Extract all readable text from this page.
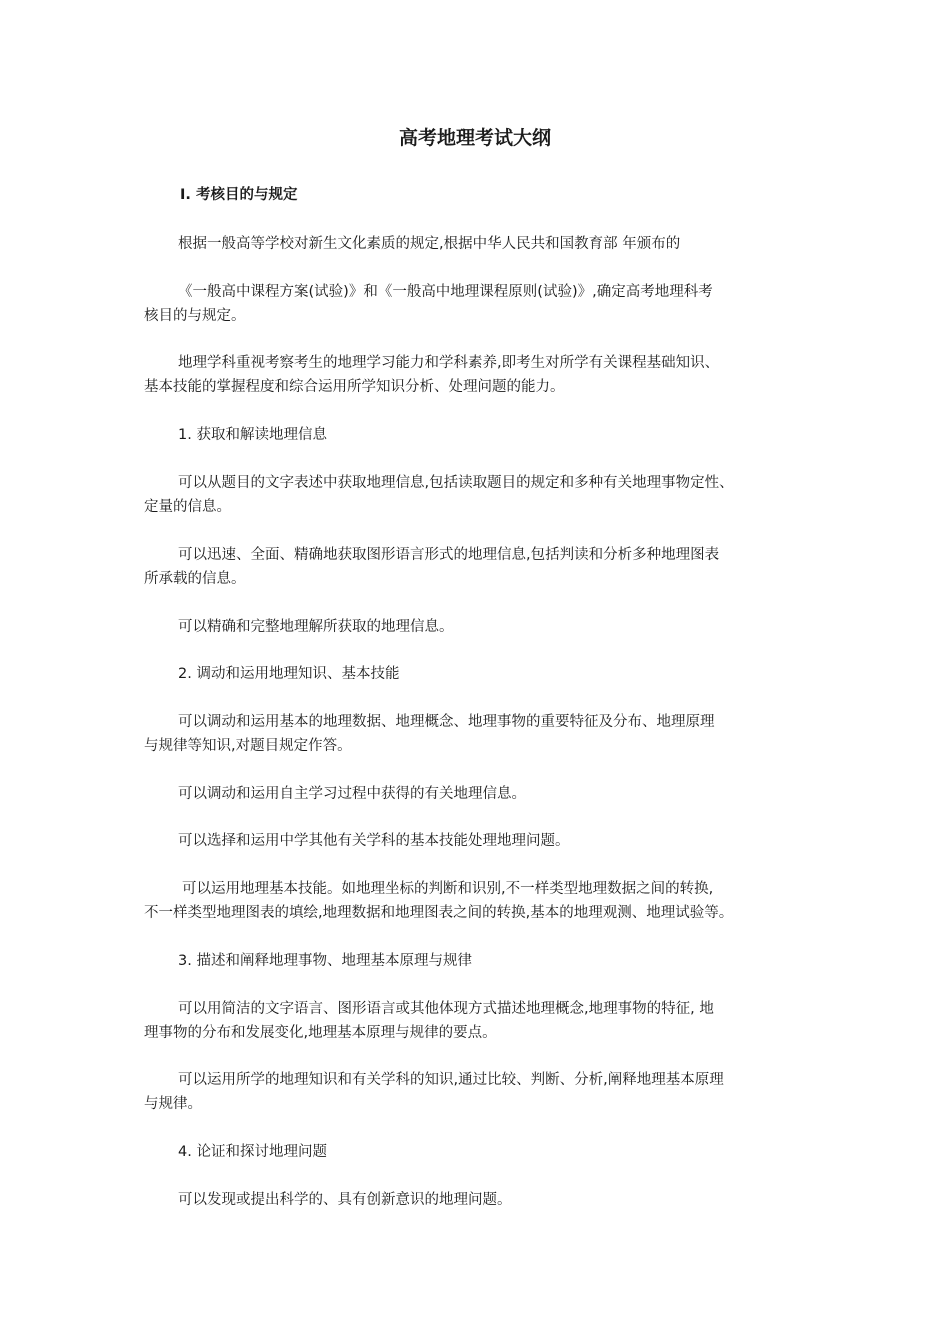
高考地理考试大纲
Ⅰ. 考核目的与规定
根据一般高等学校对新生文化素质的规定,根据中华人民共和国教育部 年颁布的
《一般高中课程方案(试验)》和《一般高中地理课程原则(试验)》,确定高考地理科考
核目的与规定。
地理学科重视考察考生的地理学习能力和学科素养,即考生对所学有关课程基础知识、
基本技能的掌握程度和综合运用所学知识分析、处理问题的能力。
1. 获取和解读地理信息
可以从题目的文字表述中获取地理信息,包括读取题目的规定和多种有关地理事物定性、
定量的信息。
可以迅速、全面、精确地获取图形语言形式的地理信息,包括判读和分析多种地理图表
所承载的信息。
可以精确和完整地理解所获取的地理信息。
2. 调动和运用地理知识、基本技能
可以调动和运用基本的地理数据、地理概念、地理事物的重要特征及分布、地理原理
与规律等知识,对题目规定作答。
可以调动和运用自主学习过程中获得的有关地理信息。
可以选择和运用中学其他有关学科的基本技能处理地理问题。
可以运用地理基本技能。如地理坐标的判断和识别,不一样类型地理数据之间的转换,
不一样类型地理图表的填绘,地理数据和地理图表之间的转换,基本的地理观测、地理试验等。
3. 描述和阐释地理事物、地理基本原理与规律
可以用简洁的文字语言、图形语言或其他体现方式描述地理概念,地理事物的特征, 地
理事物的分布和发展变化,地理基本原理与规律的要点。
可以运用所学的地理知识和有关学科的知识,通过比较、判断、分析,阐释地理基本原理
与规律。
4. 论证和探讨地理问题
可以发现或提出科学的、具有创新意识的地理问题。
